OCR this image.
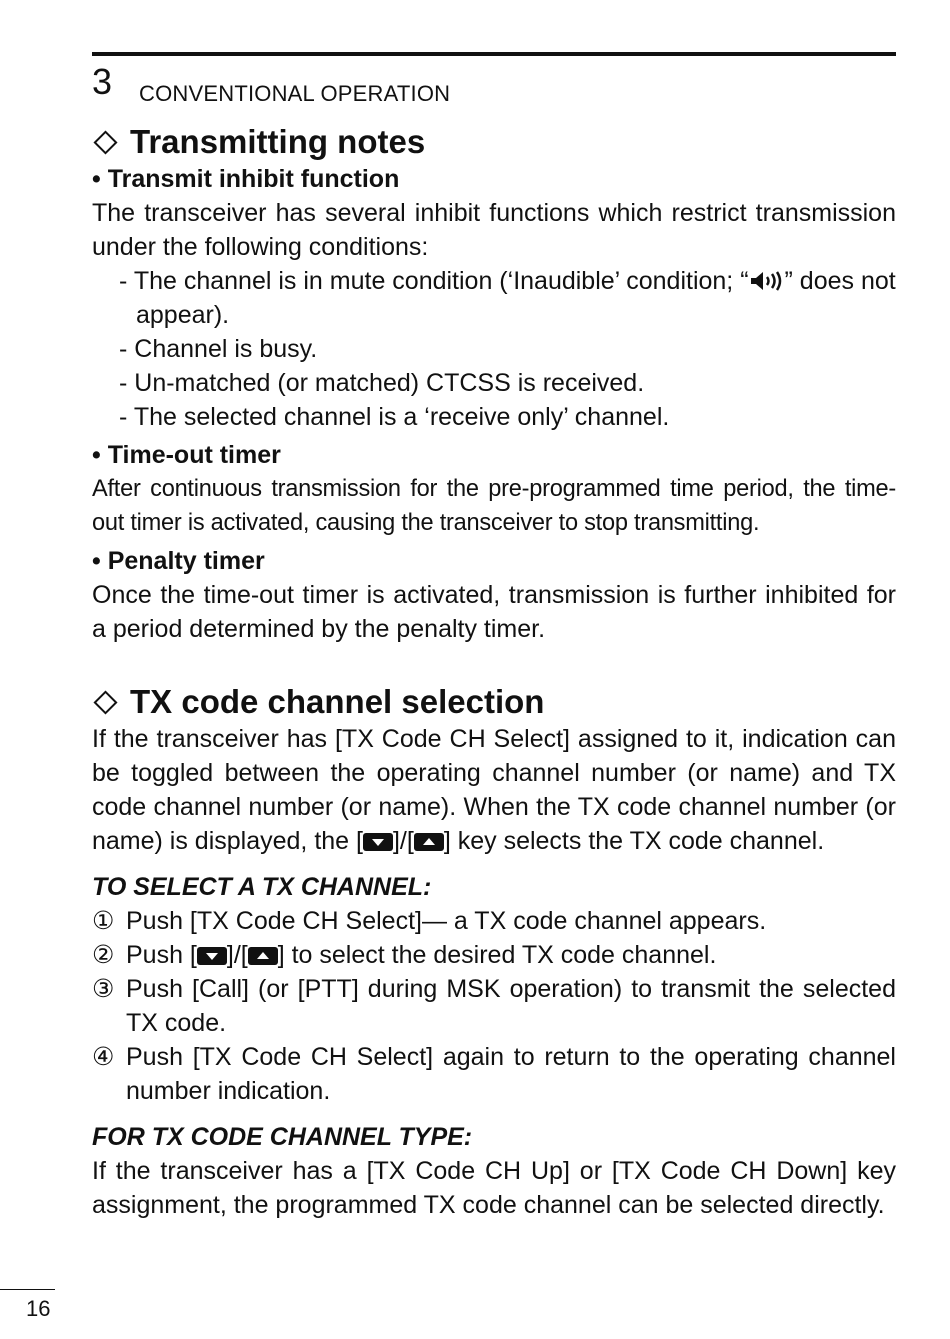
3 CONVENTIONAL OPERATION
Transmitting notes
• Transmit inhibit function

The transceiver has several inhibit functions which restrict transmission under the following conditions:

- The channel is in mute condition (‘Inaudible’ condition; “ ” does not appear).
- Channel is busy.
- Un-matched (or matched) CTCSS is received.
- The selected channel is a ‘receive only’ channel.
• Time-out timer

After continuous transmission for the pre-programmed time period, the time-out timer is activated, causing the transceiver to stop transmitting.

• Penalty timer

Once the time-out timer is activated, transmission is further inhibited for a period determined by the penalty timer.

TX code channel selection

If the transceiver has [TX Code CH Select] assigned to it, indication can be toggled between the operating channel number (or name) and TX code channel number (or name). When the TX code channel number (or name) is displayed, the [ ]/[ ] key selects the TX code channel.

TO SELECT A TX CHANNEL:
① Push [TX Code CH Select]— a TX code channel appears.
② Push [ ]/[ ] to select the desired TX code channel.
③ Push [Call] (or [PTT] during MSK operation) to transmit the selected TX code.
④ Push [TX Code CH Select] again to return to the operating channel number indication.
FOR TX CODE CHANNEL TYPE:

If the transceiver has a [TX Code CH Up] or [TX Code CH Down] key assignment, the programmed TX code channel can be selected directly.

16
